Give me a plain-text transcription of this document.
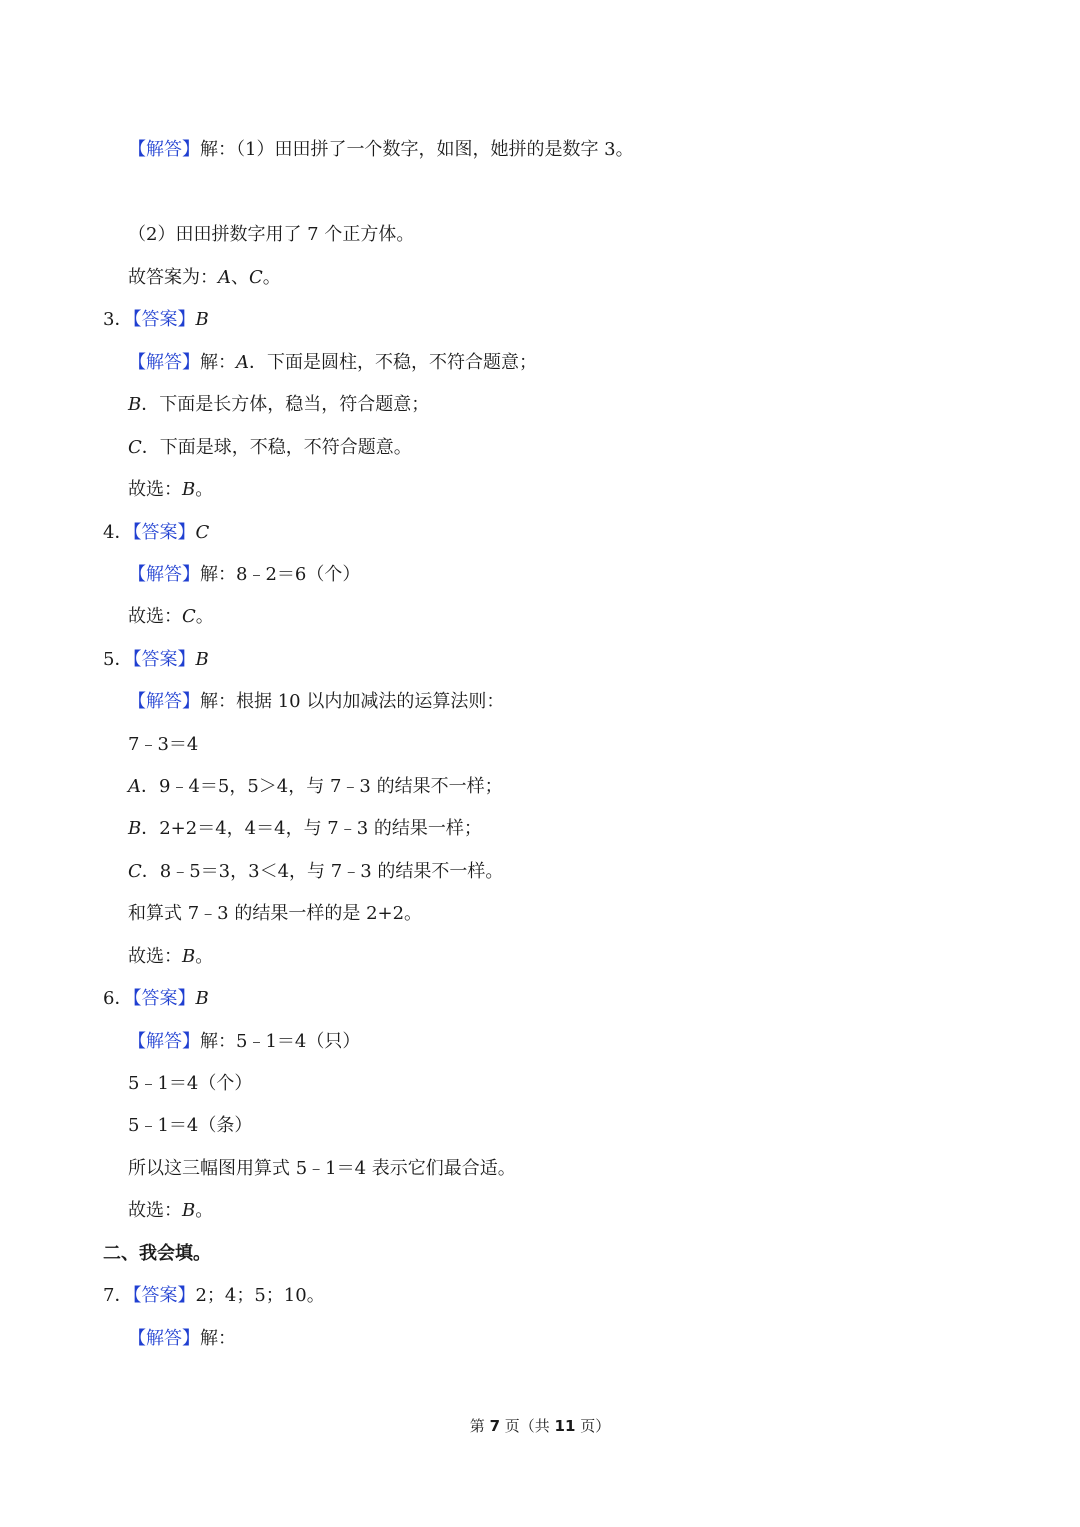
【解答】解：（1）田田拼了一个数字，如图，她拼的是数字 3。
（2）田田拼数字用了 7 个正方体。
故答案为：A、C。
3．【答案】B
【解答】解：A．下面是圆柱，不稳，不符合题意；
B．下面是长方体，稳当，符合题意；
C．下面是球，不稳，不符合题意。
故选：B。
4．【答案】C
【解答】解：8﹣2＝6（个）
故选：C。
5．【答案】B
【解答】解：根据 10 以内加减法的运算法则：
7﹣3＝4
A．9﹣4＝5，5＞4，与 7﹣3 的结果不一样；
B．2+2＝4，4＝4，与 7﹣3 的结果一样；
C．8﹣5＝3，3＜4，与 7﹣3 的结果不一样。
和算式 7﹣3 的结果一样的是 2+2。
故选：B。
6．【答案】B
【解答】解：5﹣1＝4（只）
5﹣1＝4（个）
5﹣1＝4（条）
所以这三幅图用算式 5﹣1＝4 表示它们最合适。
故选：B。
二、我会填。
7．【答案】2；4；5；10。
【解答】解：
第 7 页（共 11 页）
